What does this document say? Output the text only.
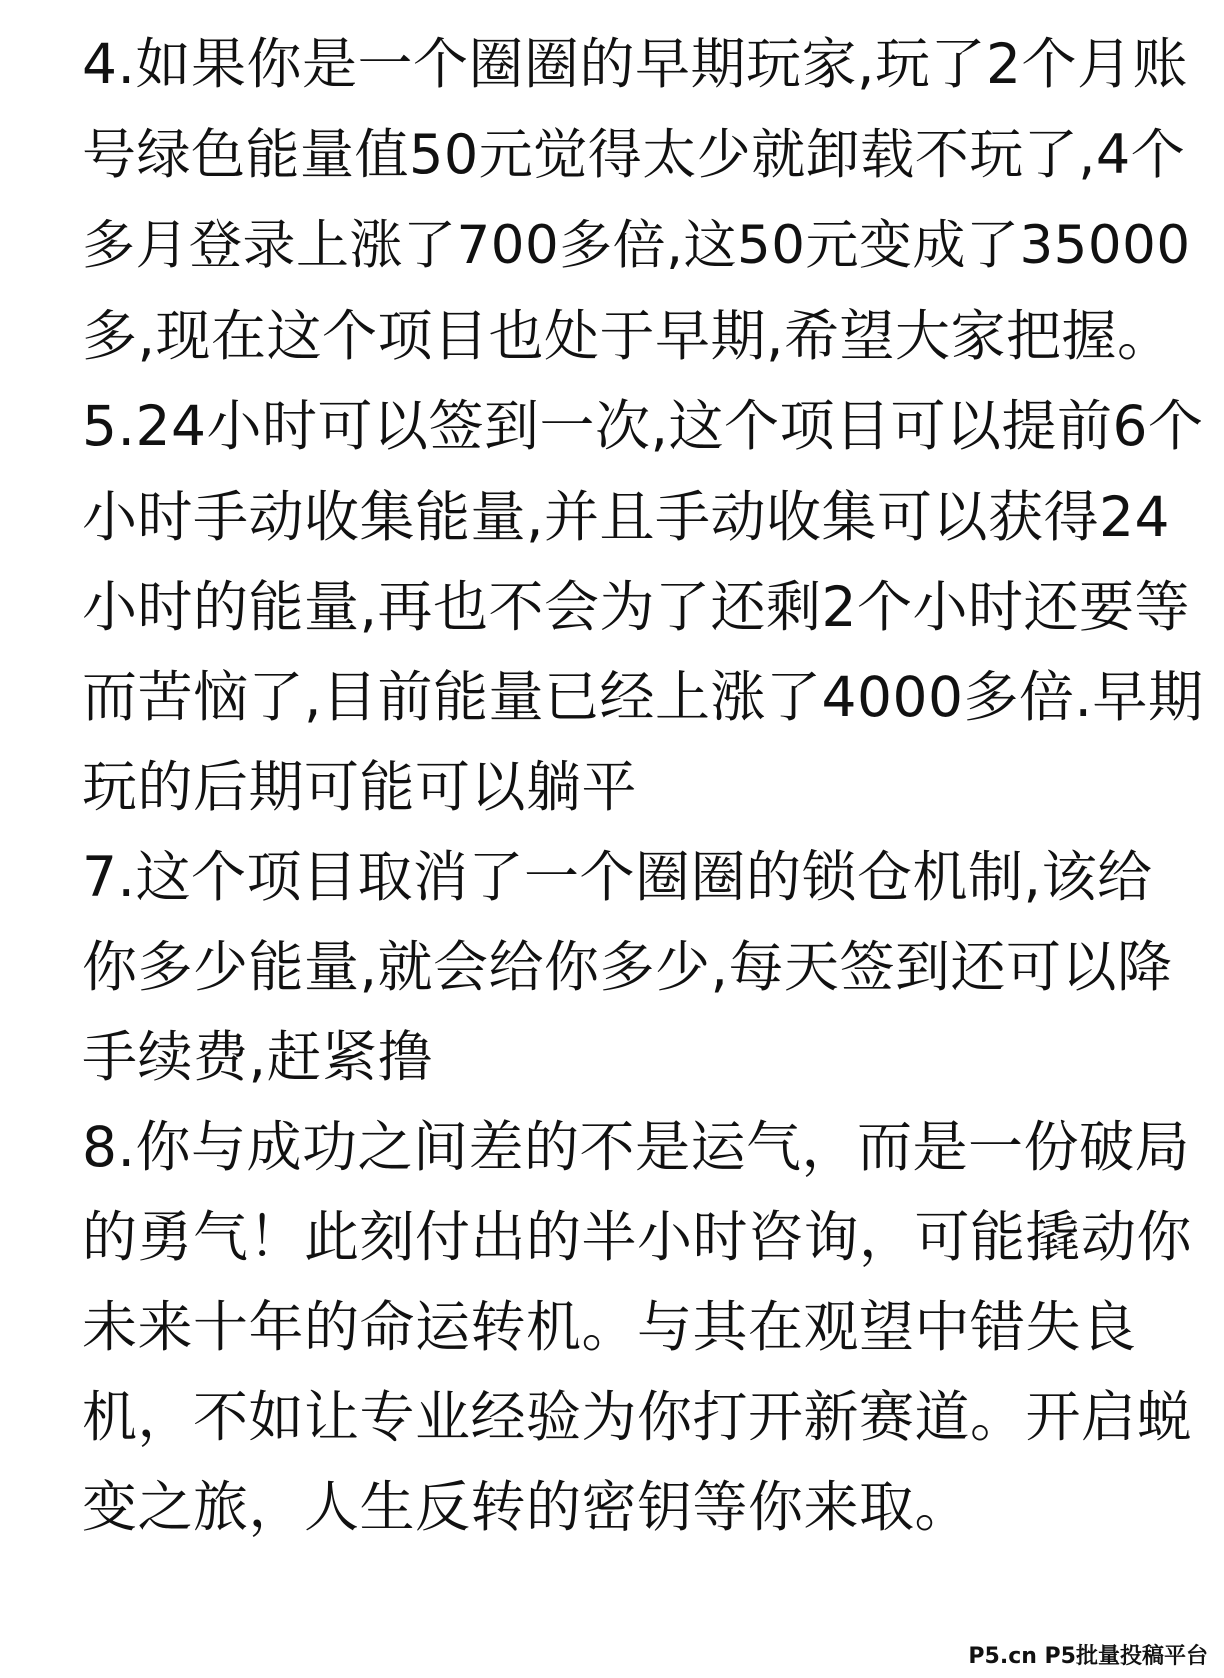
4.如果你是一个圈圈的早期玩家,玩了2个月账

号绿色能量值50元觉得太少就卸载不玩了,4个

多月登录上涨了700多倍,这50元变成了35000

多,现在这个项目也处于早期,希望大家把握。

5.24小时可以签到一次,这个项目可以提前6个

小时手动收集能量,并且手动收集可以获得24

小时的能量,再也不会为了还剩2个小时还要等

而苦恼了,目前能量已经上涨了4000多倍.早期

玩的后期可能可以躺平

7.这个项目取消了一个圈圈的锁仓机制,该给

你多少能量,就会给你多少,每天签到还可以降

手续费,赶紧撸

8.你与成功之间差的不是运气，而是一份破局

的勇气！此刻付出的半小时咨询，可能撬动你

未来十年的命运转机。与其在观望中错失良

机，不如让专业经验为你打开新赛道。开启蜕

变之旅，人生反转的密钥等你来取。

P5.cn P5批量投稿平台
